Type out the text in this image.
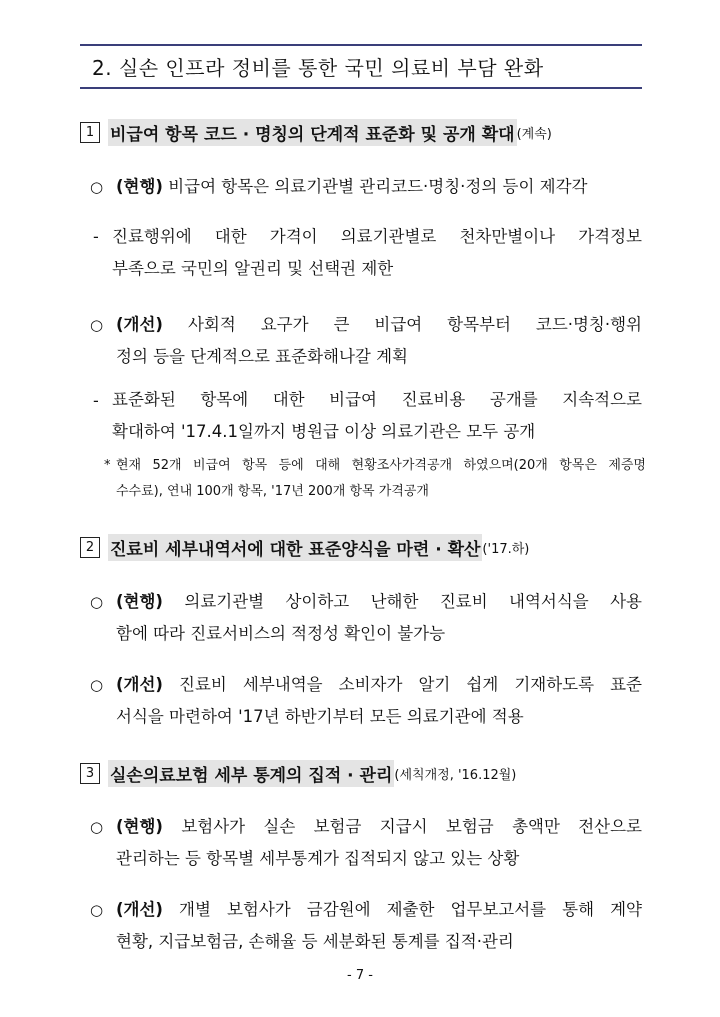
2. 실손 인프라 정비를 통한 국민 의료비 부담 완화
1 비급여 항목 코드 · 명칭의 단계적 표준화 및 공개 확대 (계속)
○ (현행) 비급여 항목은 의료기관별 관리코드·명칭·정의 등이 제각각
- 진료행위에 대한 가격이 의료기관별로 천차만별이나 가격정보
부족으로 국민의 알권리 및 선택권 제한
○ (개선) 사회적 요구가 큰 비급여 항목부터 코드·명칭·행위
정의 등을 단계적으로 표준화해나갈 계획
- 표준화된 항목에 대한 비급여 진료비용 공개를 지속적으로
확대하여 '17.4.1일까지 병원급 이상 의료기관은 모두 공개
* 현재 52개 비급여 항목 등에 대해 현황조사가격공개 하였으며(20개 항목은 제증명
수수료), 연내 100개 항목, '17년 200개 항목 가격공개
2 진료비 세부내역서에 대한 표준양식을 마련 · 확산 ('17.하)
○ (현행) 의료기관별 상이하고 난해한 진료비 내역서식을 사용
함에 따라 진료서비스의 적정성 확인이 불가능
○ (개선) 진료비 세부내역을 소비자가 알기 쉽게 기재하도록 표준
서식을 마련하여 '17년 하반기부터 모든 의료기관에 적용
3 실손의료보험 세부 통계의 집적 · 관리 (세칙개정, '16.12월)
○ (현행) 보험사가 실손 보험금 지급시 보험금 총액만 전산으로
관리하는 등 항목별 세부통계가 집적되지 않고 있는 상황
○ (개선) 개별 보험사가 금감원에 제출한 업무보고서를 통해 계약
현황, 지급보험금, 손해율 등 세분화된 통계를 집적·관리
- 7 -
